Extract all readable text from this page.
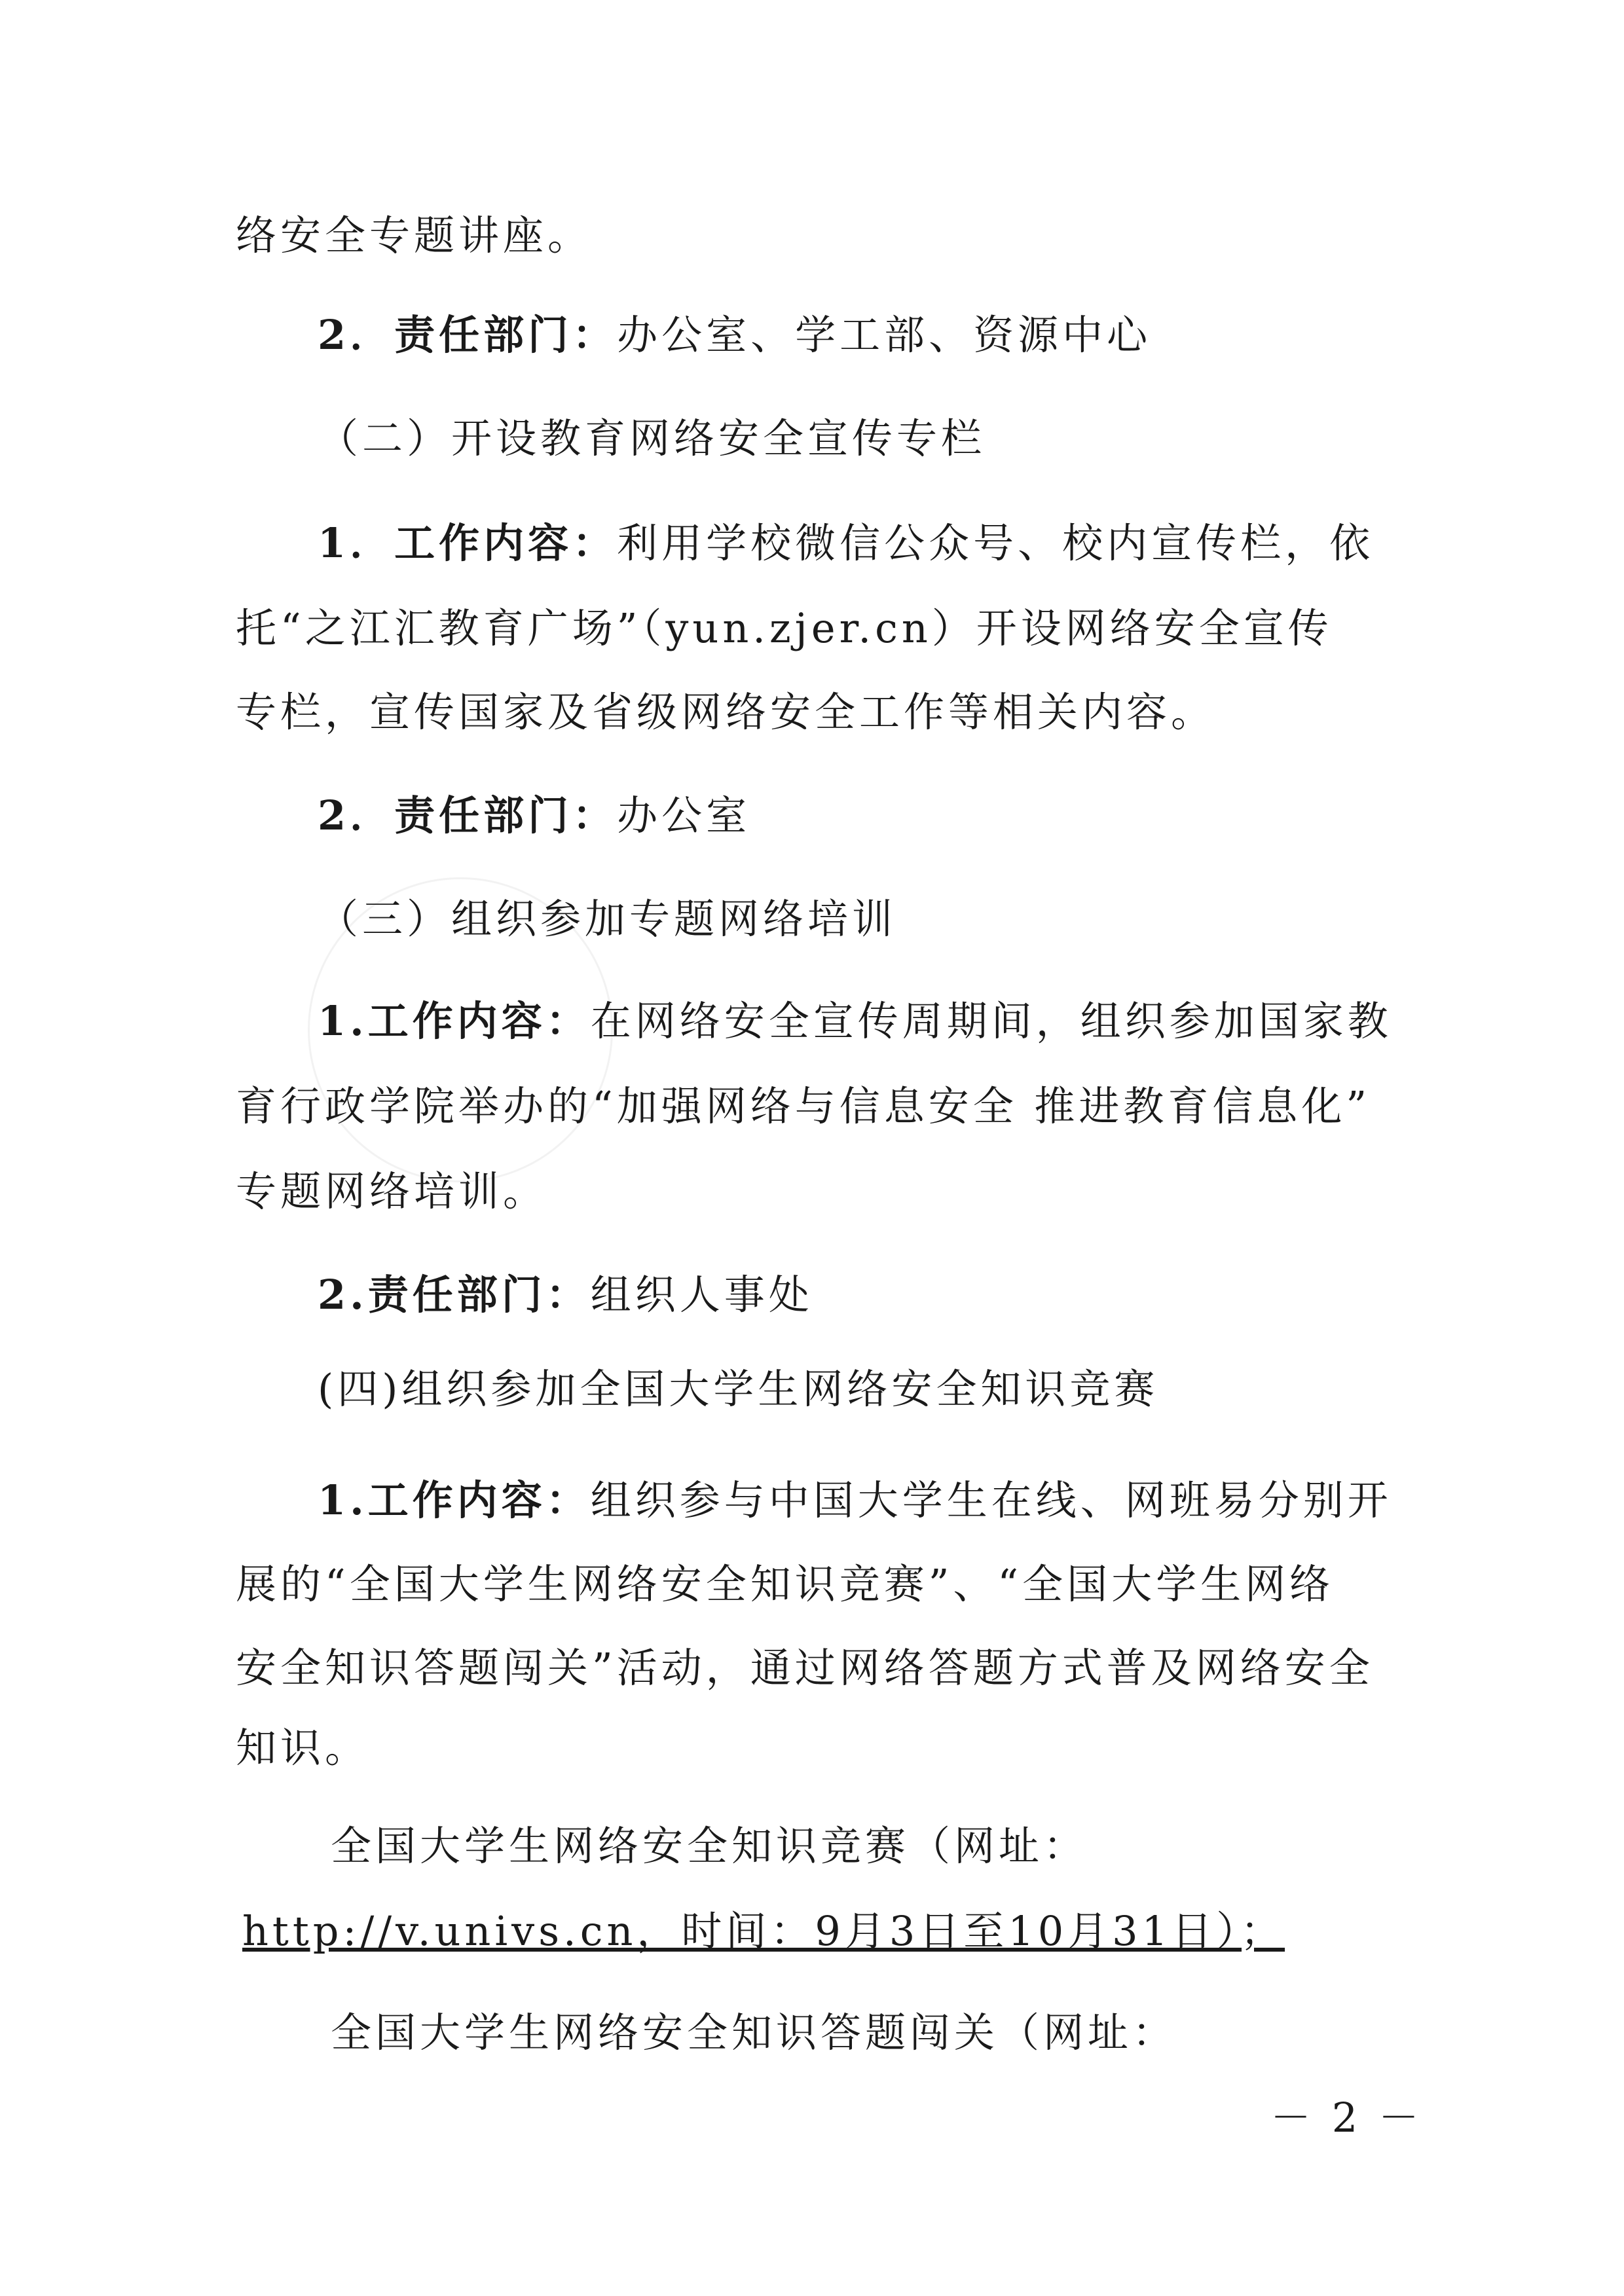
络安全专题讲座。
2．责任部门：办公室、学工部、资源中心
（二）开设教育网络安全宣传专栏
1．工作内容：利用学校微信公众号、校内宣传栏，依
托“之江汇教育广场”（yun.zjer.cn）开设网络安全宣传
专栏，宣传国家及省级网络安全工作等相关内容。
2．责任部门：办公室
（三）组织参加专题网络培训
1.工作内容：在网络安全宣传周期间，组织参加国家教
育行政学院举办的“加强网络与信息安全 推进教育信息化”
专题网络培训。
2.责任部门：组织人事处
(四)组织参加全国大学生网络安全知识竞赛
1.工作内容：组织参与中国大学生在线、网班易分别开
展的“全国大学生网络安全知识竞赛”、“全国大学生网络
安全知识答题闯关”活动，通过网络答题方式普及网络安全
知识。
全国大学生网络安全知识竞赛（网址：
http://v.univs.cn，时间：9月3日至10月31日）；
全国大学生网络安全知识答题闯关（网址：
－ 2 －
